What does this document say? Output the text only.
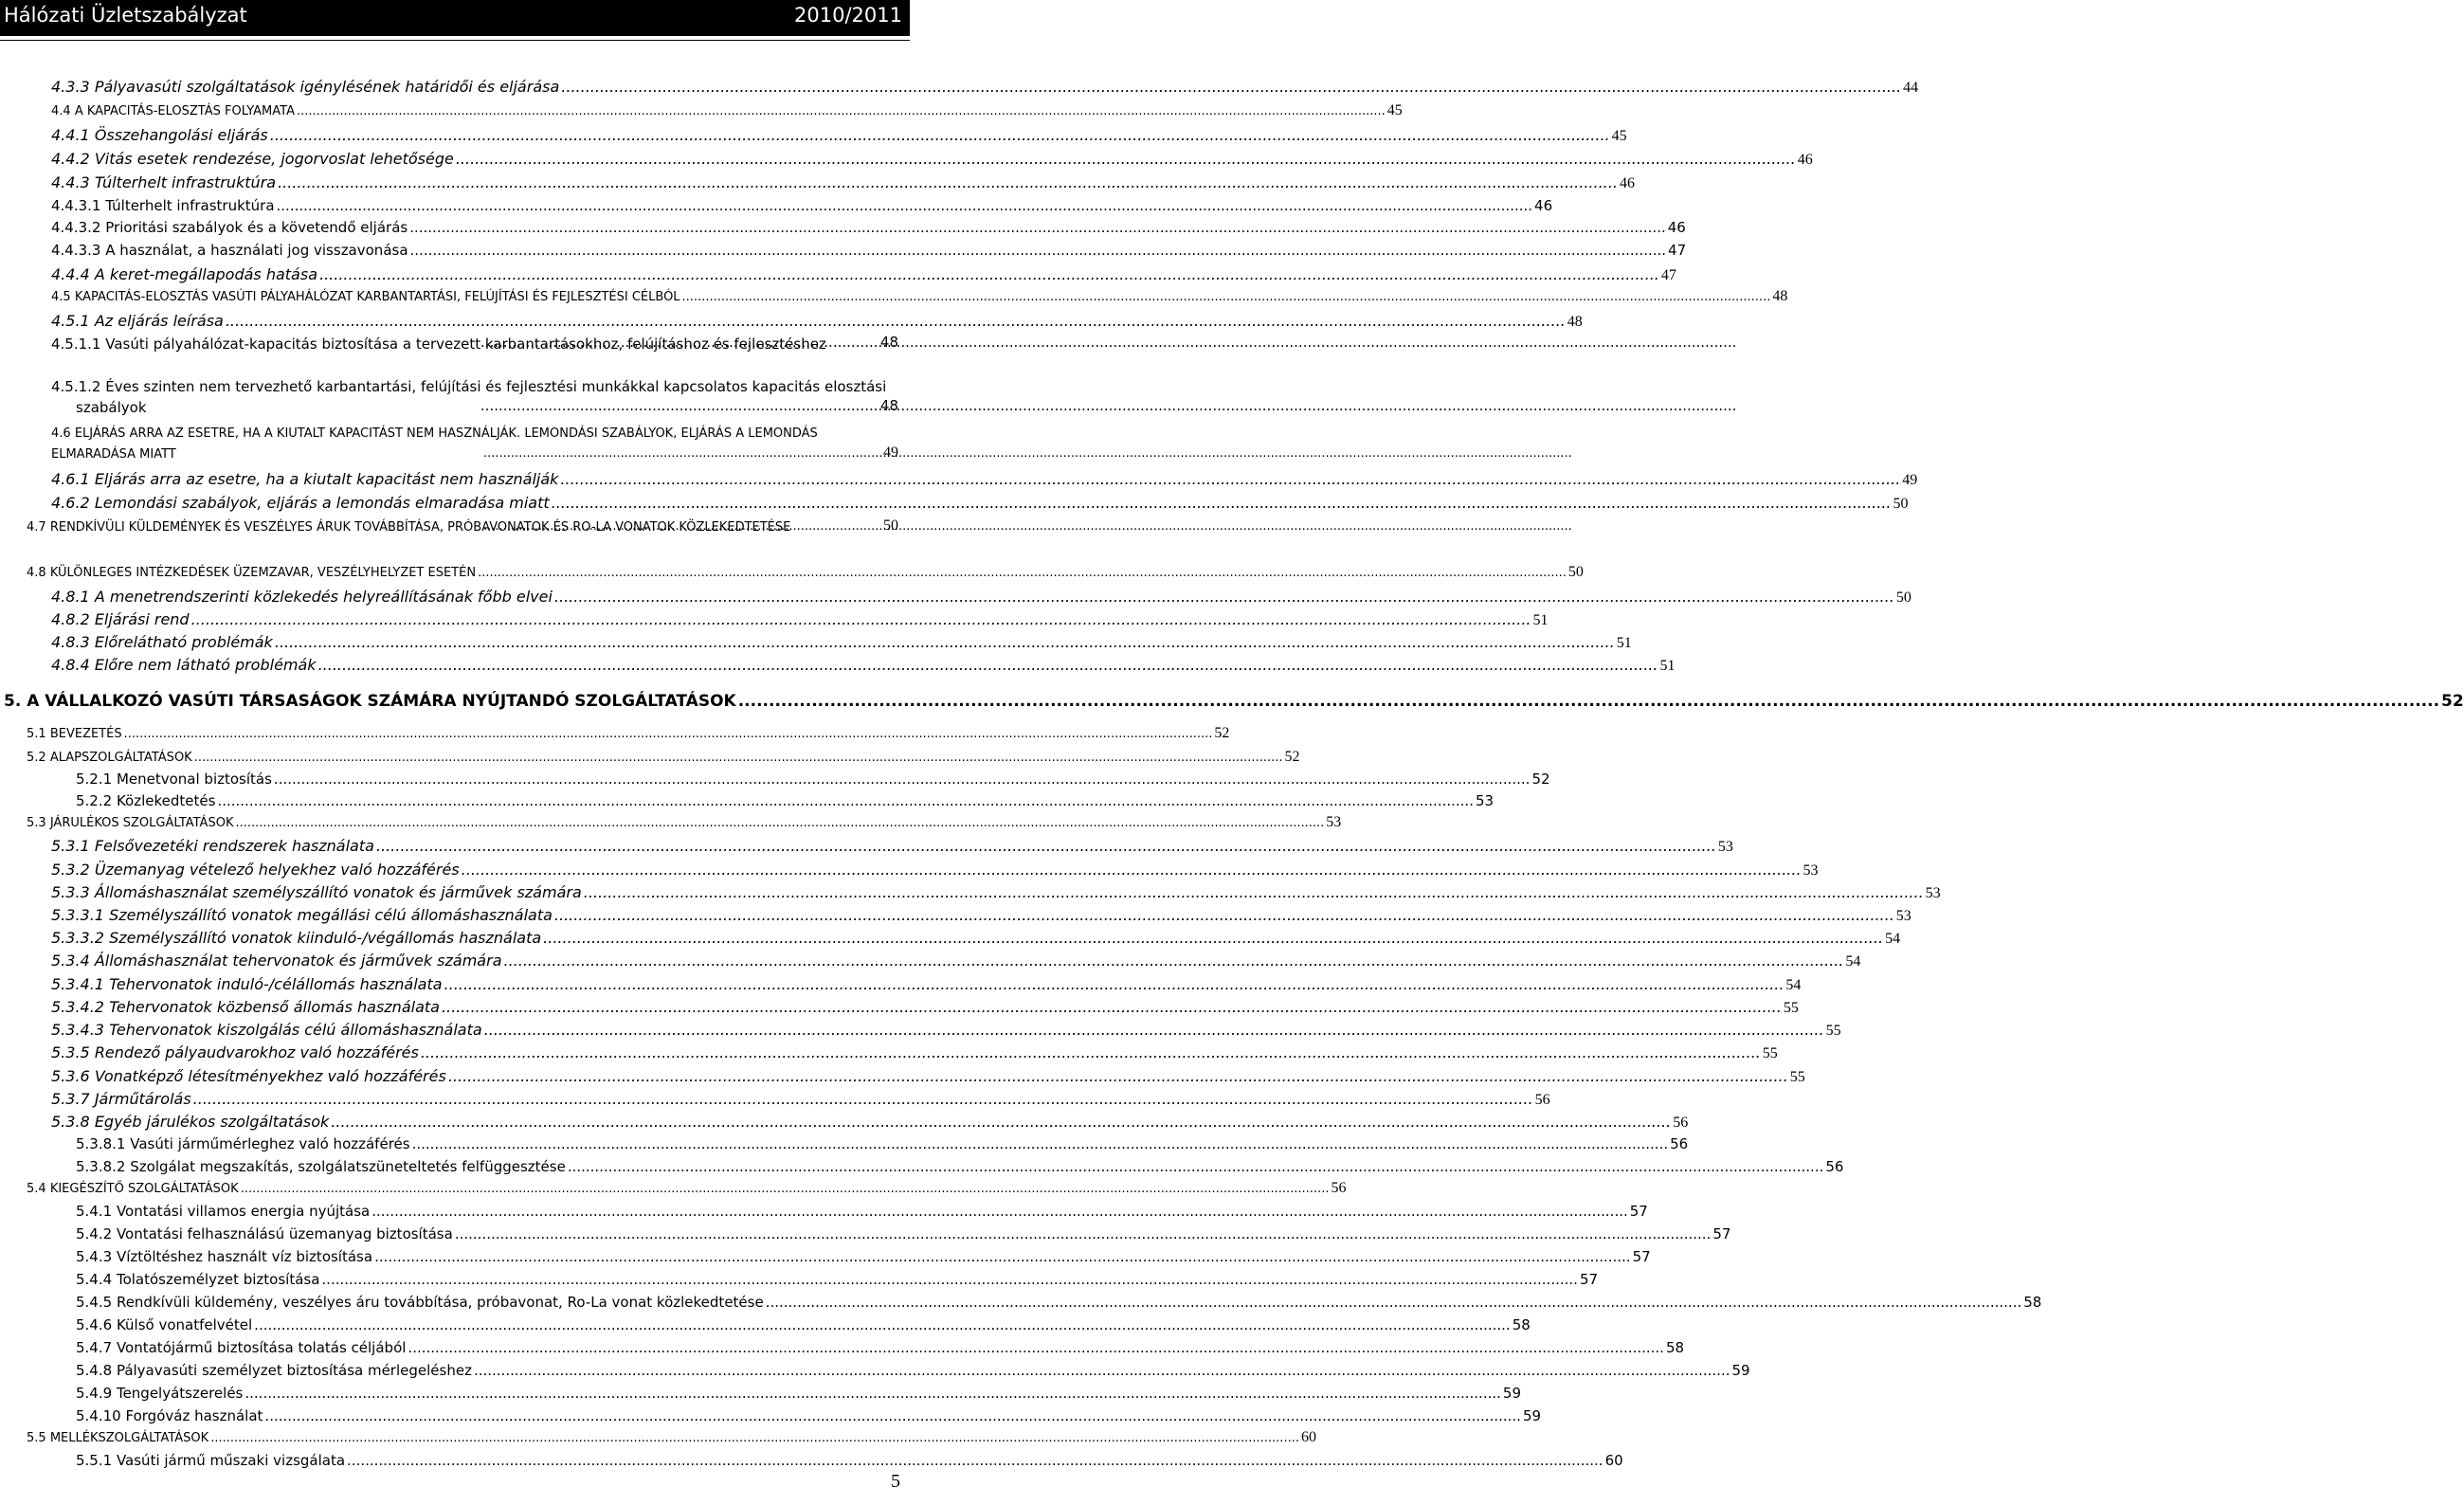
Hálózati Üzletszabályzat	2010/2011
4.3.3 Pályavasúti szolgáltatások igénylésének határidői és eljárása .....	44
4.4 A KAPACITÁS-ELOSZTÁS FOLYAMATA .....	45
4.4.1 Összehangolási eljárás .....	45
4.4.2 Vitás esetek rendezése, jogorvoslat lehetősége .....	46
4.4.3 Túlterhelt infrastruktúra .....	46
4.4.3.1 Túlterhelt infrastruktúra .....	46
4.4.3.2 Prioritási szabályok és a követendő eljárás .....	46
4.4.3.3 A használat, a használati jog visszavonása .....	47
4.4.4 A keret-megállapodás hatása .....	47
4.5 KAPACITÁS-ELOSZTÁS VASÚTI PÁLYAHÁLÓZAT KARBANTARTÁSI, FELÚJÍTÁSI ÉS FEJLESZTÉSI CÉLBÓL .....	48
4.5.1 Az eljárás leírása .....	48
4.5.1.1 Vasúti pályahálózat-kapacitás biztosítása a tervezett karbantartásokhoz, felújításhoz és fejlesztéshez .....	48
4.5.1.2 Éves szinten nem tervezhető karbantartási, felújítási és fejlesztési munkákkal kapcsolatos kapacitás elosztási szabályok .....	48
4.6 ELJÁRÁS ARRA AZ ESETRE, HA A KIUTALT KAPACITÁST NEM HASZNÁLJÁK. LEMONDÁSI SZABÁLYOK, ELJÁRÁS A LEMONDÁS ELMARADÁSA MIATT .....	49
4.6.1 Eljárás arra az esetre, ha a kiutalt kapacitást nem használják .....	49
4.6.2 Lemondási szabályok, eljárás a lemondás elmaradása miatt .....	50
4.7 RENDKÍVÜLI KÜLDEMÉNYEK ÉS VESZÉLYES ÁRUK TOVÁBBÍTÁSA, PRÓBAVONATOK ÉS RO-LA VONATOK KÖZLEKEDTETÉSE .....	50
4.8 KÜLÖNLEGES INTÉZKEDÉSEK ÜZEMZAVAR, VESZÉLYHELYZET ESETÉN .....	50
4.8.1 A menetrendszerinti közlekedés helyreállításának főbb elvei .....	50
4.8.2 Eljárási rend .....	51
4.8.3 Előrelátható problémák .....	51
4.8.4 Előre nem látható problémák .....	51
5. A VÁLLALKOZÓ VASÚTI TÁRSASÁGOK SZÁMÁRA NYÚJTANDÓ SZOLGÁLTATÁSOK .....	52
5.1 BEVEZETÉS .....	52
5.2 ALAPSZOLGÁLTATÁSOK .....	52
5.2.1 Menetvonal biztosítás .....	52
5.2.2 Közlekedtetés .....	53
5.3 JÁRULÉKOS SZOLGÁLTATÁSOK .....	53
5.3.1 Felsővezetéki rendszerek használata .....	53
5.3.2 Üzemanyag vételező helyekhez való hozzáférés .....	53
5.3.3 Állomáshasználat személyszállító vonatok és járművek számára .....	53
5.3.3.1 Személyszállító vonatok megállási célú állomáshasználata .....	53
5.3.3.2 Személyszállító vonatok kiinduló-/végállomás használata .....	54
5.3.4 Állomáshasználat tehervonatok és járművek számára .....	54
5.3.4.1 Tehervonatok induló-/célállomás használata .....	54
5.3.4.2 Tehervonatok közbenső állomás használata .....	55
5.3.4.3 Tehervonatok kiszolgálás célú állomáshasználata .....	55
5.3.5 Rendező pályaudvarokhoz való hozzáférés .....	55
5.3.6 Vonatképző létesítményekhez való hozzáférés .....	55
5.3.7 Járműtárolás .....	56
5.3.8 Egyéb járulékos szolgáltatások .....	56
5.3.8.1 Vasúti járműmérleghez való hozzáférés .....	56
5.3.8.2 Szolgálat megszakítás, szolgálatszüneteltetés felfüggesztése .....	56
5.4 KIEGÉSZÍTŐ SZOLGÁLTATÁSOK .....	56
5.4.1 Vontatási villamos energia nyújtása .....	57
5.4.2 Vontatási felhasználású üzemanyag biztosítása .....	57
5.4.3 Víztöltéshez használt víz biztosítása .....	57
5.4.4 Tolatószemélyzet biztosítása .....	57
5.4.5 Rendkívüli küldemény, veszélyes áru továbbítása, próbavonat, Ro-La vonat közlekedtetése .....	58
5.4.6 Külső vonatfelvétel .....	58
5.4.7 Vontatójármű biztosítása tolatás céljából .....	58
5.4.8 Pályavasúti személyzet biztosítása mérlegeléshez .....	59
5.4.9 Tengelyátszerelés .....	59
5.4.10 Forgóváz használat .....	59
5.5 MELLÉKSZOLGÁLTATÁSOK .....	60
5.5.1 Vasúti jármű műszaki vizsgálata .....	60
5
